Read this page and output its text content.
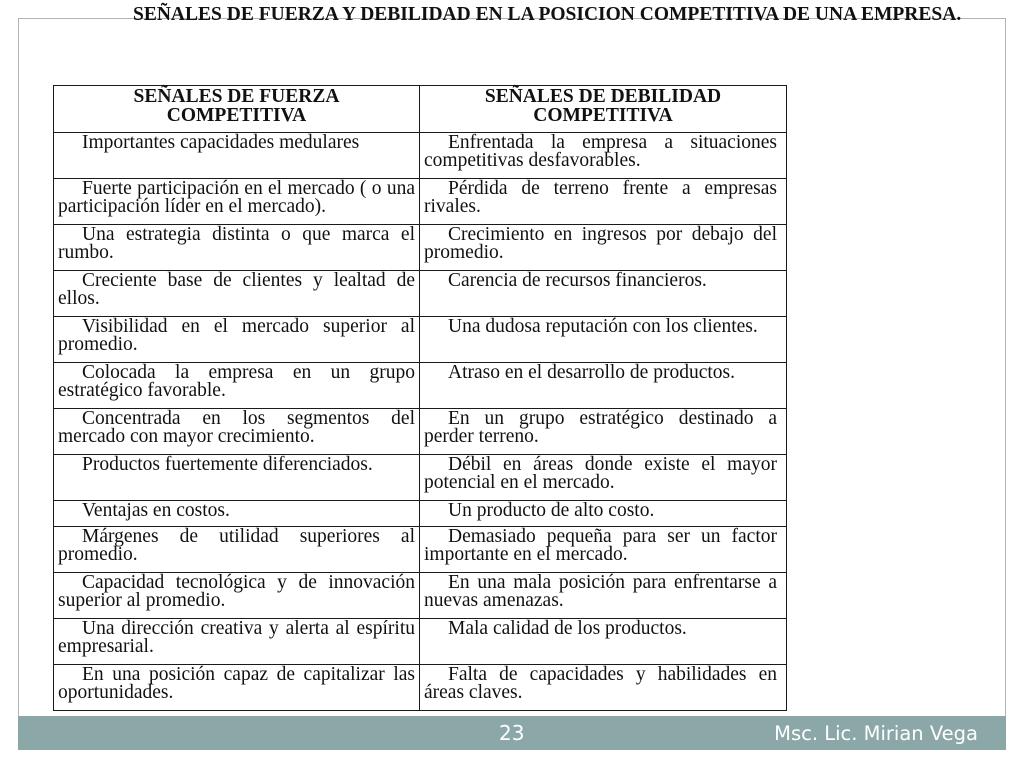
SEÑALES DE FUERZA Y DEBILIDAD EN LA POSICION COMPETITIVA DE UNA EMPRESA.
SEÑALES DE FUERZA COMPETITIVA	SEÑALES DE DEBILIDAD COMPETITIVA
Importantes capacidades medulares	Enfrentada la empresa a situaciones competitivas desfavorables.
Fuerte participación en el mercado ( o una participación líder en el mercado).	Pérdida de terreno frente a empresas rivales.
Una estrategia distinta o que marca el rumbo.	Crecimiento en ingresos por debajo del promedio.
Creciente base de clientes y lealtad de ellos.	Carencia de recursos financieros.
Visibilidad en el mercado superior al promedio.	Una dudosa reputación con los clientes.
Colocada la empresa en un grupo estratégico favorable.	Atraso en el desarrollo de productos.
Concentrada en los segmentos del mercado con mayor crecimiento.	En un grupo estratégico destinado a perder terreno.
Productos fuertemente diferenciados.	Débil en áreas donde existe el mayor potencial en el mercado.
Ventajas en costos.	Un producto de alto costo.
Márgenes de utilidad superiores al promedio.	Demasiado pequeña para ser un factor importante en el mercado.
Capacidad tecnológica y de innovación superior al promedio.	En una mala posición para enfrentarse a nuevas amenazas.
Una dirección creativa y alerta al espíritu empresarial.	Mala calidad de los productos.
En una posición capaz de capitalizar las oportunidades.	Falta de capacidades y habilidades en áreas claves.
23	Msc. Lic. Mirian Vega
